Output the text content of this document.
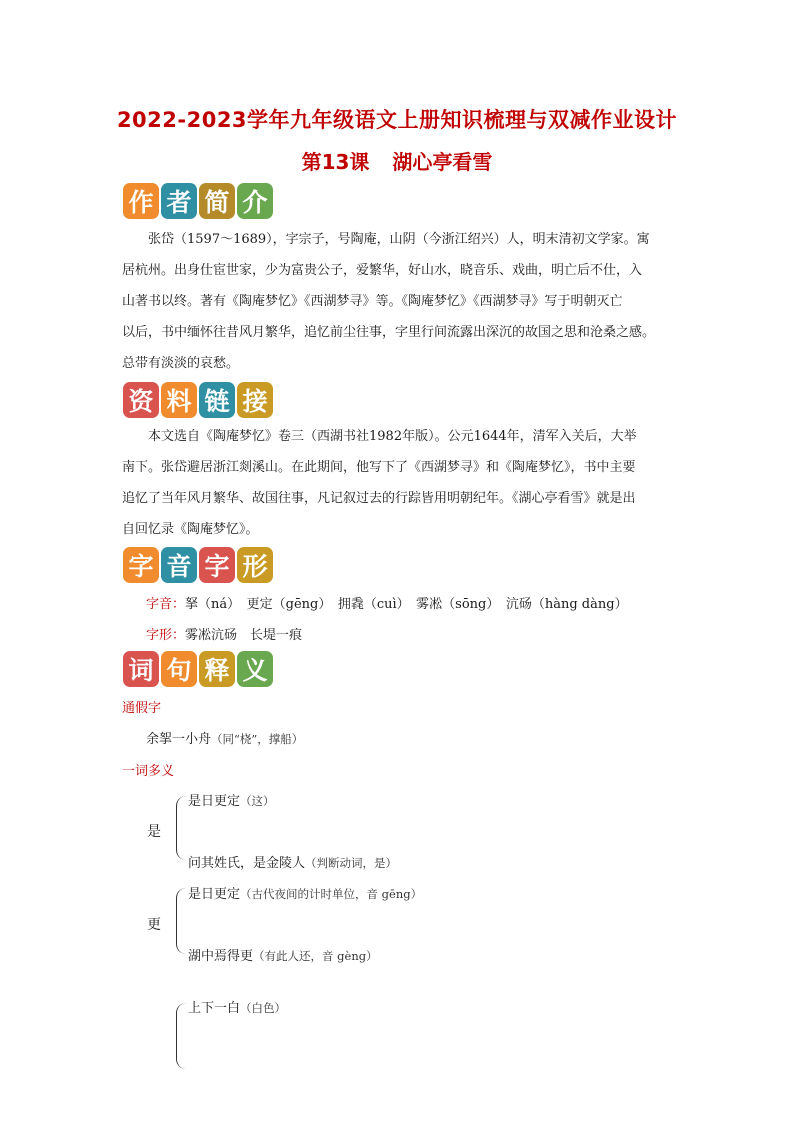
2022-2023学年九年级语文上册知识梳理与双减作业设计
第13课 湖心亭看雪
作 者 简 介
张岱（1597～1689），字宗子，号陶庵，山阴（今浙江绍兴）人，明末清初文学家。寓
居杭州。出身仕宦世家，少为富贵公子，爱繁华，好山水，晓音乐、戏曲，明亡后不仕，入
山著书以终。著有《陶庵梦忆》《西湖梦寻》等。《陶庵梦忆》《西湖梦寻》写于明朝灭亡
以后，书中缅怀往昔风月繁华，追忆前尘往事，字里行间流露出深沉的故国之思和沧桑之感。
总带有淡淡的哀愁。
资 料 链 接
本文选自《陶庵梦忆》卷三（西湖书社1982年版）。公元1644年，清军入关后，大举
南下。张岱避居浙江剡溪山。在此期间，他写下了《西湖梦寻》和《陶庵梦忆》，书中主要
追忆了当年风月繁华、故国往事，凡记叙过去的行踪皆用明朝纪年。《湖心亭看雪》就是出
自回忆录《陶庵梦忆》。
字 音 字 形
字音：拏（ná）　更定（gēng）　拥毳（cuì）　雾凇（sōng）　沆砀（hàng dàng）
字形：雾凇沆砀　长堤一痕
词 句 释 义
通假字
余挐一小舟（同“桡”，撑船）
一词多义
是
是日更定（这）
问其姓氏，是金陵人（判断动词，是）
更
是日更定（古代夜间的计时单位，音 gēng）
湖中焉得更（有此人还，音 gèng）
上下一白（白色）
